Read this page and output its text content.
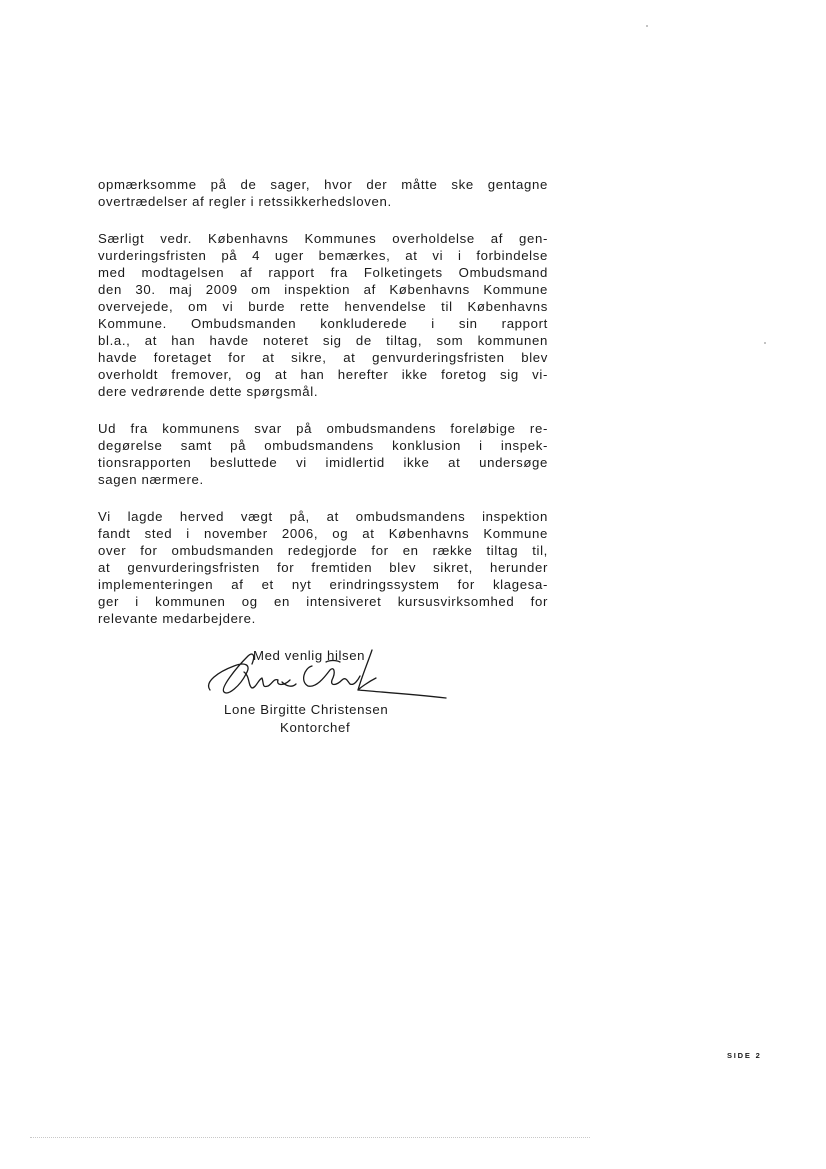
opmærksomme på de sager, hvor der måtte ske gentagne
overtrædelser af regler i retssikkerhedsloven.

Særligt vedr. Københavns Kommunes overholdelse af gen-
vurderingsfristen på 4 uger bemærkes, at vi i forbindelse
med modtagelsen af rapport fra Folketingets Ombudsmand
den 30. maj 2009 om inspektion af Københavns Kommune
overvejede, om vi burde rette henvendelse til Københavns
Kommune. Ombudsmanden konkluderede i sin rapport
bl.a., at han havde noteret sig de tiltag, som kommunen
havde foretaget for at sikre, at genvurderingsfristen blev
overholdt fremover, og at han herefter ikke foretog sig vi-
dere vedrørende dette spørgsmål.

Ud fra kommunens svar på ombudsmandens foreløbige re-
degørelse samt på ombudsmandens konklusion i inspek-
tionsrapporten besluttede vi imidlertid ikke at undersøge
sagen nærmere.

Vi lagde herved vægt på, at ombudsmandens inspektion
fandt sted i november 2006, og at Københavns Kommune
over for ombudsmanden redegjorde for en række tiltag til,
at genvurderingsfristen for fremtiden blev sikret, herunder
implementeringen af et nyt erindringssystem for klagesa-
ger i kommunen og en intensiveret kursusvirksomhed for
relevante medarbejdere.

Med venlig hilsen
Lone Birgitte Christensen
Kontorchef
SIDE 2
